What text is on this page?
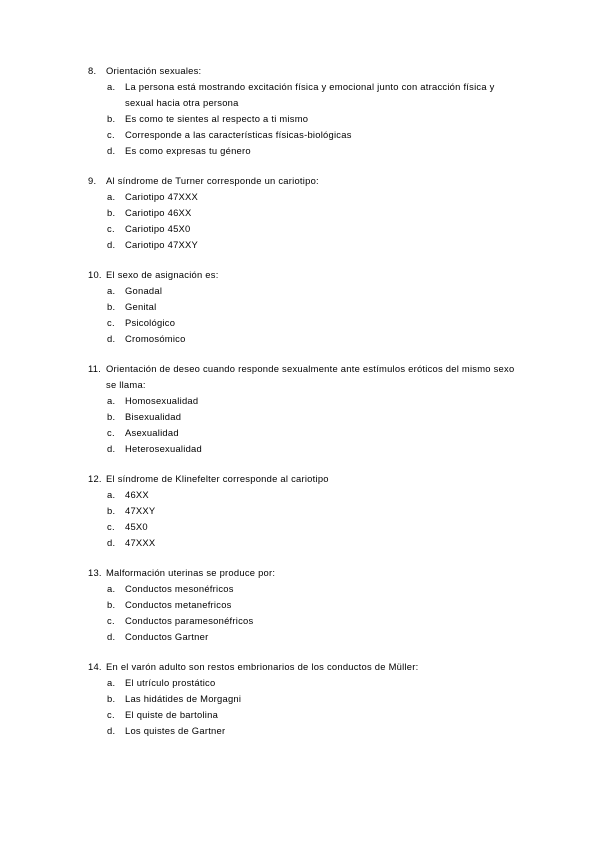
8.	Orientación sexuales:
a.	La persona está mostrando excitación física y emocional junto con atracción física y sexual hacia otra persona
b.	Es como te sientes al respecto a ti mismo
c.	Corresponde a las características físicas-biológicas
d.	Es como expresas tu género
9.	Al síndrome de Turner corresponde un cariotipo:
a.	Cariotipo 47XXX
b.	Cariotipo 46XX
c.	Cariotipo 45X0
d.	Cariotipo 47XXY
10. El sexo de asignación es:
a.	Gonadal
b.	Genital
c.	Psicológico
d.	Cromosómico
11. Orientación de deseo cuando responde sexualmente ante estímulos eróticos del mismo sexo se llama:
a.	Homosexualidad
b.	Bisexualidad
c.	Asexualidad
d.	Heterosexualidad
12. El síndrome de Klinefelter corresponde al cariotipo
a.	46XX
b.	47XXY
c.	45X0
d.	47XXX
13. Malformación uterinas se produce por:
a.	Conductos mesonéfricos
b.	Conductos metanefricos
c.	Conductos paramesonéfricos
d.	Conductos Gartner
14. En el varón adulto son restos embrionarios de los conductos de Müller:
a.	El utrículo prostático
b.	Las hidátides de Morgagni
c.	El quiste de bartolina
d.	Los quistes de Gartner
